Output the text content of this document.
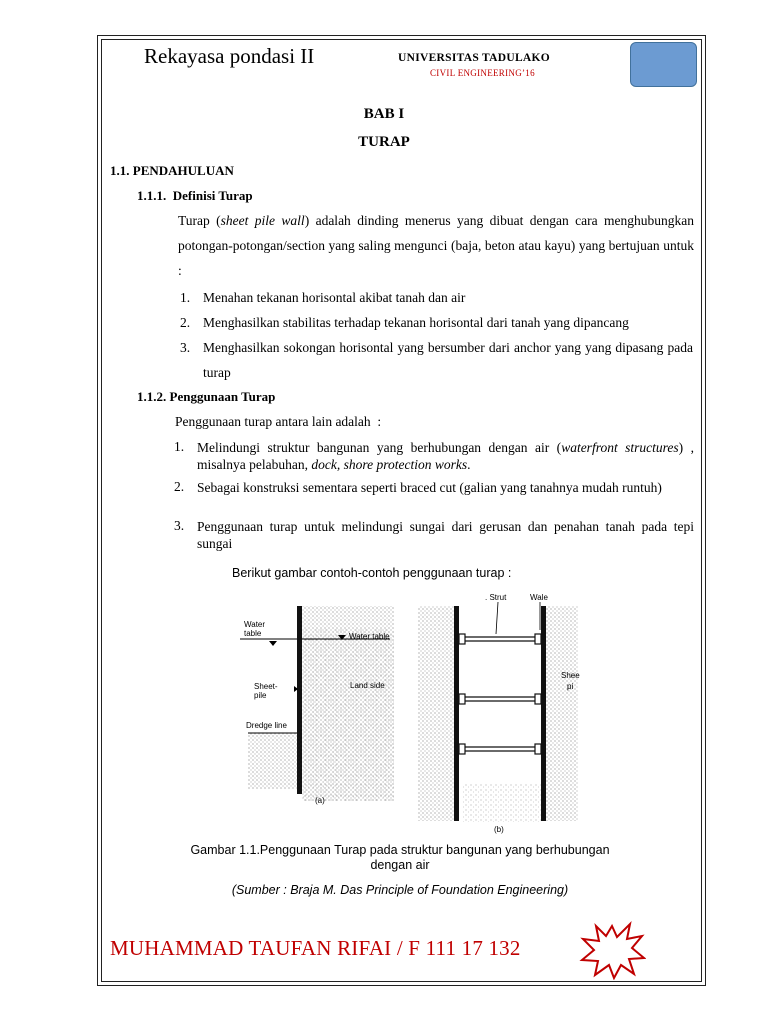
Rekayasa pondasi II	UNIVERSITAS TADULAKO
CIVIL ENGINEERING’16
BAB I
TURAP
1.1. PENDAHULUAN
1.1.1.  Definisi Turap
Turap (sheet pile wall) adalah dinding menerus yang dibuat dengan cara menghubungkan potongan-potongan/section yang saling mengunci (baja, beton atau kayu) yang bertujuan untuk :
1. Menahan tekanan horisontal akibat tanah dan air
2. Menghasilkan stabilitas terhadap tekanan horisontal dari tanah yang dipancang
3. Menghasilkan sokongan horisontal yang bersumber dari anchor yang yang dipasang pada turap
1.1.2. Penggunaan Turap
Penggunaan turap antara lain adalah  :
1. Melindungi struktur bangunan yang berhubungan dengan air (waterfront structures) , misalnya pelabuhan, dock, shore protection works.
2. Sebagai konstruksi sementara seperti braced cut (galian yang tanahnya mudah runtuh)
3. Penggunaan turap untuk melindungi sungai dari gerusan dan penahan tanah pada tepi sungai
Berikut gambar contoh-contoh penggunaan turap :
Water table	Water table
Sheet-pile
Land side
Dredge line
(a)
. Strut	Wale
Shee pi
(b)
Gambar 1.1.Penggunaan Turap pada struktur bangunan yang berhubungan dengan air
(Sumber : Braja M. Das Principle of Foundation Engineering)
MUHAMMAD TAUFAN RIFAI / F 111 17 132
